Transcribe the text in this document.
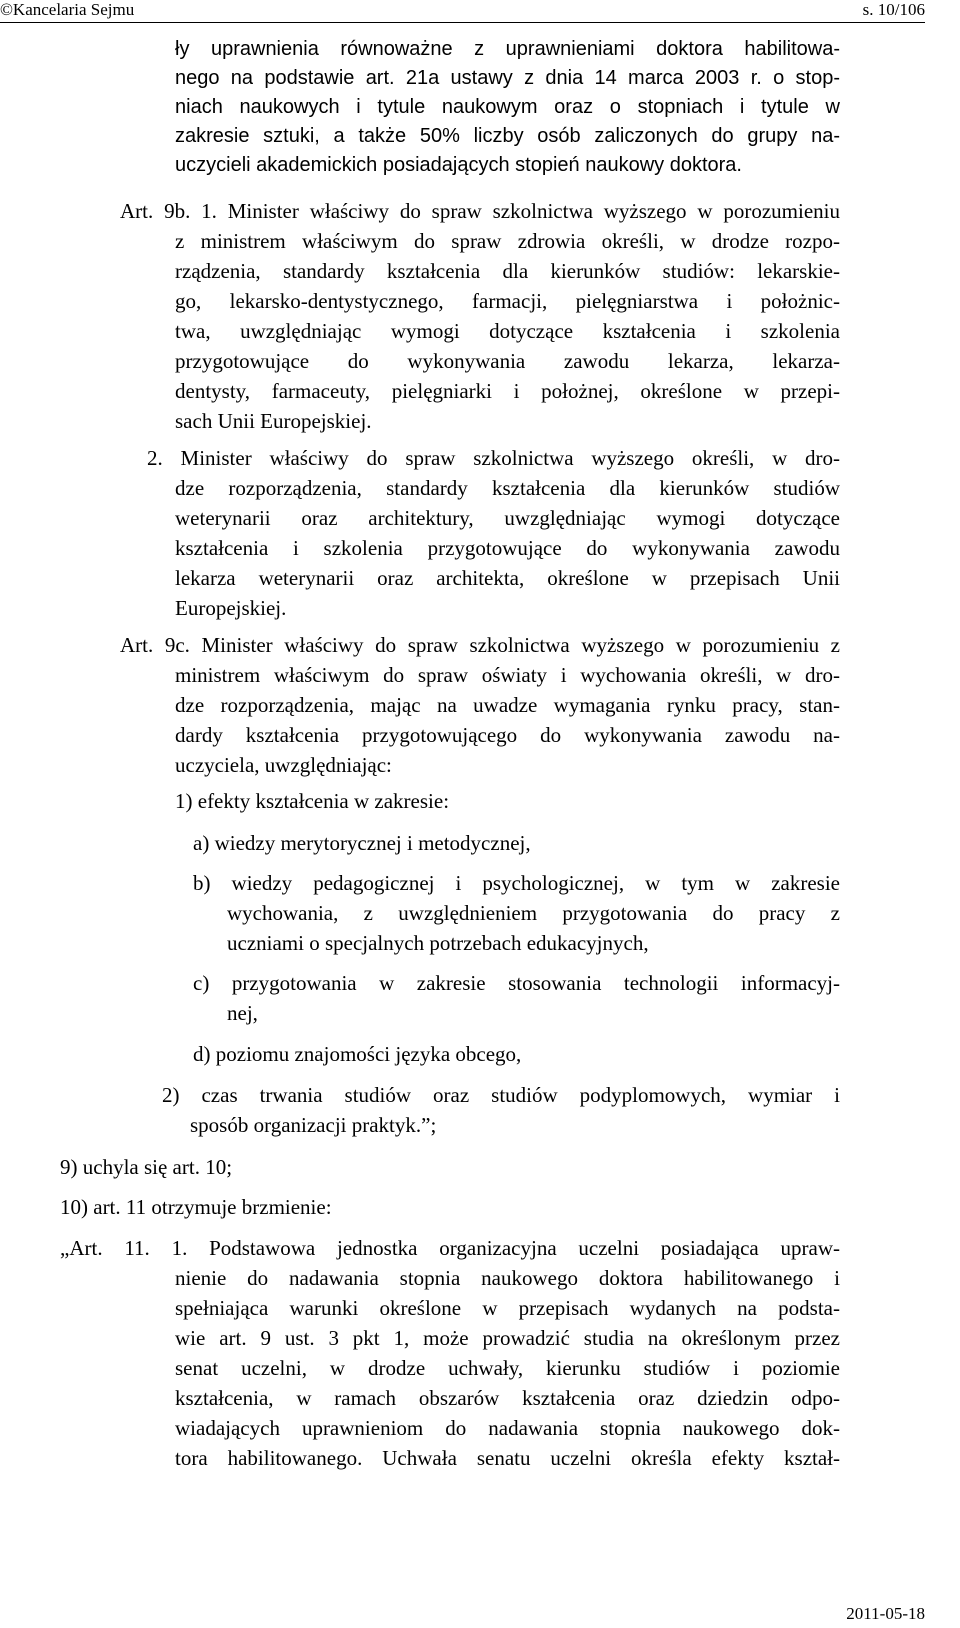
©Kancelaria Sejmu	s. 10/106
ły uprawnienia równoważne z uprawnieniami doktora habilitowa-
nego na podstawie art. 21a ustawy z dnia 14 marca 2003 r. o stop-
niach naukowych i tytule naukowym oraz o stopniach i tytule w
zakresie sztuki, a także 50% liczby osób zaliczonych do grupy na-
uczycieli akademickich posiadających stopień naukowy doktora.
Art. 9b. 1. Minister właściwy do spraw szkolnictwa wyższego w porozumieniu
z ministrem właściwym do spraw zdrowia określi, w drodze rozpo-
rządzenia, standardy kształcenia dla kierunków studiów: lekarskie-
go, lekarsko-dentystycznego, farmacji, pielęgniarstwa i położnic-
twa, uwzględniając wymogi dotyczące kształcenia i szkolenia
przygotowujące do wykonywania zawodu lekarza, lekarza-
dentysty, farmaceuty, pielęgniarki i położnej, określone w przepi-
sach Unii Europejskiej.
2. Minister właściwy do spraw szkolnictwa wyższego określi, w dro-
dze rozporządzenia, standardy kształcenia dla kierunków studiów
weterynarii oraz architektury, uwzględniając wymogi dotyczące
kształcenia i szkolenia przygotowujące do wykonywania zawodu
lekarza weterynarii oraz architekta, określone w przepisach Unii
Europejskiej.
Art. 9c. Minister właściwy do spraw szkolnictwa wyższego w porozumieniu z
ministrem właściwym do spraw oświaty i wychowania określi, w dro-
dze rozporządzenia, mając na uwadze wymagania rynku pracy, stan-
dardy kształcenia przygotowującego do wykonywania zawodu na-
uczyciela, uwzględniając:
1) efekty kształcenia w zakresie:
a) wiedzy merytorycznej i metodycznej,
b) wiedzy pedagogicznej i psychologicznej, w tym w zakresie
wychowania, z uwzględnieniem przygotowania do pracy z
uczniami o specjalnych potrzebach edukacyjnych,
c) przygotowania w zakresie stosowania technologii informacyj-
nej,
d) poziomu znajomości języka obcego,
2) czas trwania studiów oraz studiów podyplomowych, wymiar i
sposób organizacji praktyk.”;
9) uchyla się art. 10;
10) art. 11 otrzymuje brzmienie:
„Art. 11. 1. Podstawowa jednostka organizacyjna uczelni posiadająca upraw-
nienie do nadawania stopnia naukowego doktora habilitowanego i
spełniająca warunki określone w przepisach wydanych na podsta-
wie art. 9 ust. 3 pkt 1, może prowadzić studia na określonym przez
senat uczelni, w drodze uchwały, kierunku studiów i poziomie
kształcenia, w ramach obszarów kształcenia oraz dziedzin odpo-
wiadających uprawnieniom do nadawania stopnia naukowego dok-
tora habilitowanego. Uchwała senatu uczelni określa efekty kształ-
2011-05-18
